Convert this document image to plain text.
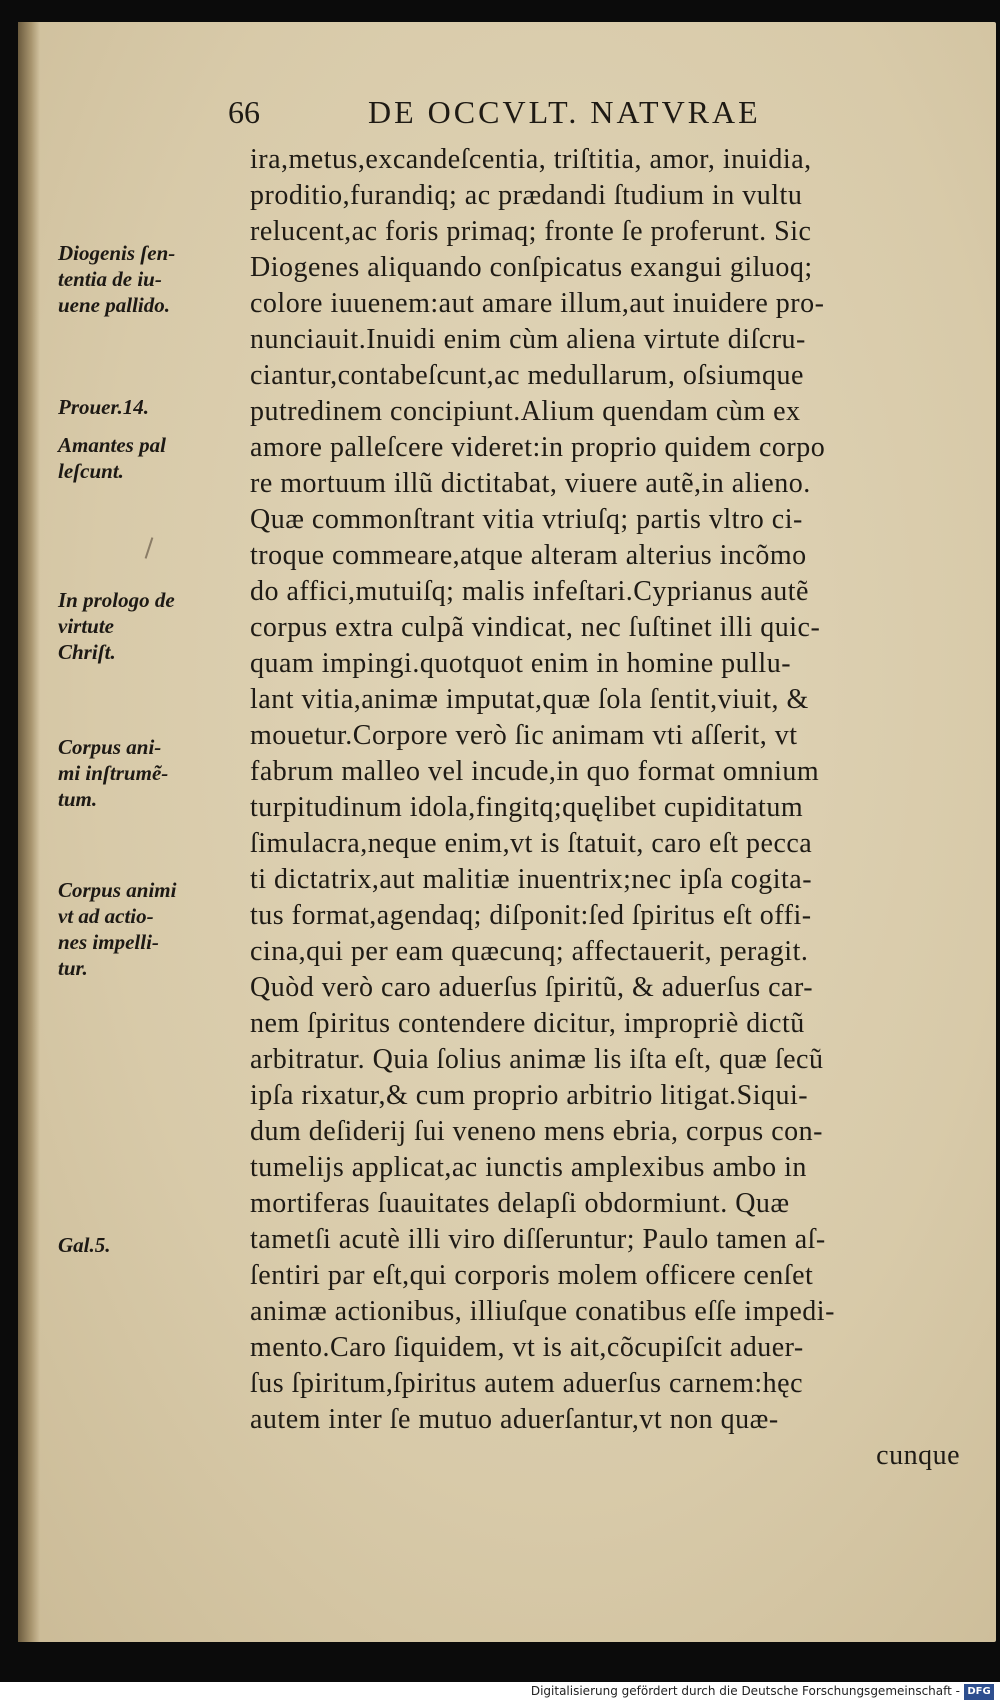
66	DE OCCVLT. NATVRAE
Diogenis ſen-
tentia de iu-
uene pallido.
Prouer.14.
Amantes pal
leſcunt.
In prologo de
virtute
Chriſt.
Corpus ani-
mi inſtrumẽ-
tum.
Corpus animi
vt ad actio-
nes impelli-
tur.
Gal.5.
ira,metus,excandeſcentia, triſtitia, amor, inuidia,
proditio,furandiq; ac prædandi ſtudium in vultu
relucent,ac foris primaq; fronte ſe proferunt. Sic
Diogenes aliquando conſpicatus exangui giluoq;
colore iuuenem:aut amare illum,aut inuidere pro-
nunciauit.Inuidi enim cùm aliena virtute diſcru-
ciantur,contabeſcunt,ac medullarum, oſsiumque
putredinem concipiunt.Alium quendam cùm ex
amore palleſcere videret:in proprio quidem corpo
re mortuum illũ dictitabat, viuere autẽ,in alieno.
Quæ commonſtrant vitia vtriuſq; partis vltro ci-
troque commeare,atque alteram alterius incõmo
do affici,mutuiſq; malis infeſtari.Cyprianus autẽ
corpus extra culpã vindicat, nec ſuſtinet illi quic-
quam impingi.quotquot enim in homine pullu-
lant vitia,animæ imputat,quæ ſola ſentit,viuit, &
mouetur.Corpore verò ſic animam vti aſſerit, vt
fabrum malleo vel incude,in quo format omnium
turpitudinum idola,fingitq;quęlibet cupiditatum
ſimulacra,neque enim,vt is ſtatuit, caro eſt pecca
ti dictatrix,aut malitiæ inuentrix;nec ipſa cogita-
tus format,agendaq; diſponit:ſed ſpiritus eſt offi-
cina,qui per eam quæcunq; affectauerit, peragit.
Quòd verò caro aduerſus ſpiritũ, & aduerſus car-
nem ſpiritus contendere dicitur, impropriè dictũ
arbitratur. Quia ſolius animæ lis iſta eſt, quæ ſecũ
ipſa rixatur,& cum proprio arbitrio litigat.Siqui-
dum deſiderij ſui veneno mens ebria, corpus con-
tumelijs applicat,ac iunctis amplexibus ambo in
mortiferas ſuauitates delapſi obdormiunt. Quæ
tametſi acutè illi viro diſſeruntur; Paulo tamen aſ-
ſentiri par eſt,qui corporis molem officere cenſet
animæ actionibus, illiuſque conatibus eſſe impedi-
mento.Caro ſiquidem, vt is ait,cõcupiſcit aduer-
ſus ſpiritum,ſpiritus autem aduerſus carnem:hęc
autem inter ſe mutuo aduerſantur,vt non quæ-
cunque
Digitalisierung gefördert durch die Deutsche Forschungsgemeinschaft - DFG
